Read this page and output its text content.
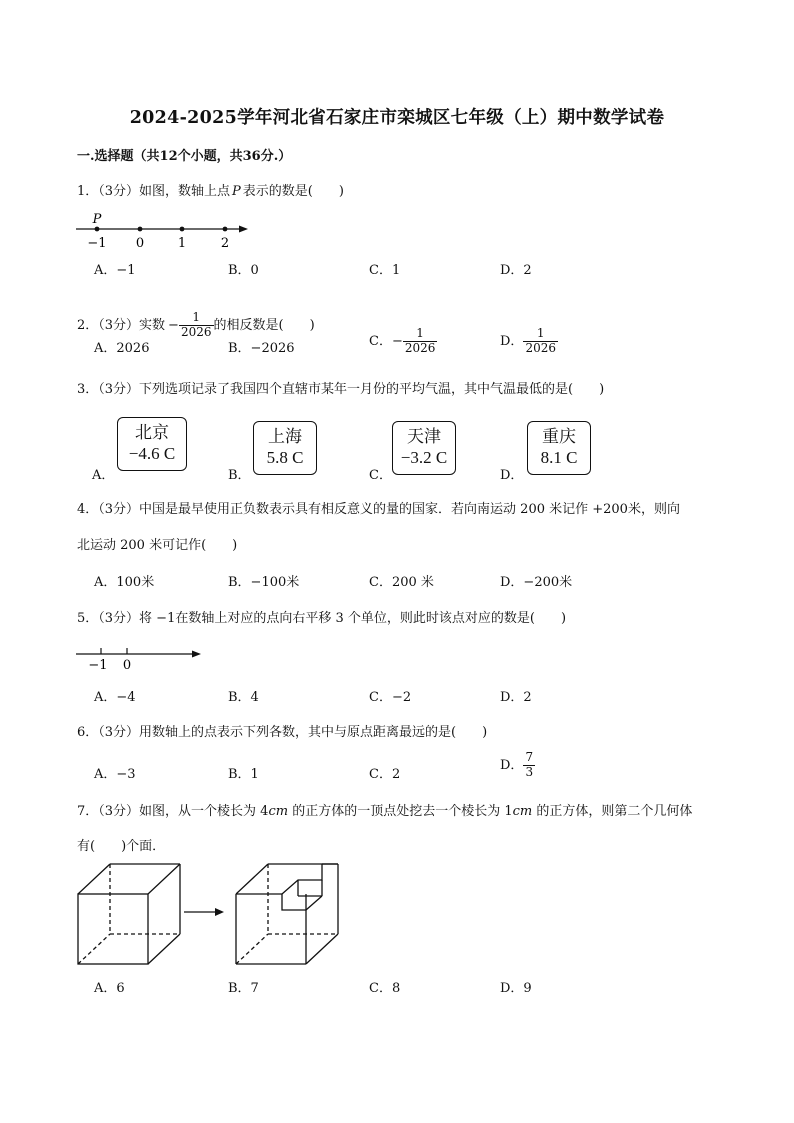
2024-2025学年河北省石家庄市栾城区七年级（上）期中数学试卷
一.选择题（共12个小题，共36分.）
1．（3分）如图，数轴上点 P 表示的数是(　　)
P
−1 0	1	2
A．−1	B．0	C．1	D．2
2．（3分）实数 − $\frac{1}{2026}$ 的相反数是(　　)
A．2026	B．−2026	C．− $\frac{1}{2026}$	D． $\frac{1}{2026}$
3．（3分）下列选项记录了我国四个直辖市某年一月份的平均气温，其中气温最低的是(　　)
A．
北京
−4.6 C
B．
上海
5.8 C
C．
天津
−3.2 C
D．
重庆
8.1 C
4．（3分）中国是最早使用正负数表示具有相反意义的量的国家．若向南运动 200 米记作 +200米，则向
北运动 200 米可记作(　　)
A．100米	B．−100米	C．200 米	D．−200米
5．（3分）将 −1在数轴上对应的点向右平移 3 个单位，则此时该点对应的数是(　　)
−1 0
A．−4	B．4	C．−2	D．2
6．（3分）用数轴上的点表示下列各数，其中与原点距离最远的是(　　)
A．−3	B．1	C．2
D． $\frac{7}{3}$
7．（3分）如图，从一个棱长为 4cm 的正方体的一顶点处挖去一个棱长为 1cm 的正方体，则第二个几何体
有(　　)个面．
A．6	B．7	C．8	D．9
